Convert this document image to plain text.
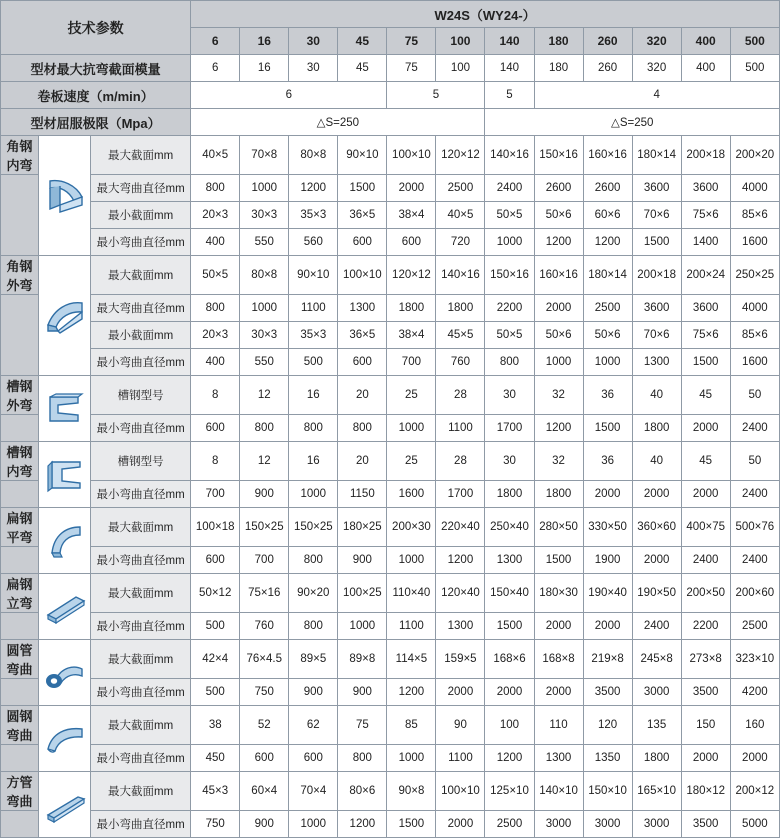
技术参数			W24S（WY24-）											
			6	16	30	45	75	100	140	180	260	320	400	500
型材最大抗弯截面模量			6	16	30	45	75	100	140	180	260	320	400	500
卷板速度（m/min）			6				5		5	4				
型材屈服极限（Mpa）			△S=250						△S=250					
角钢内弯		最大截面mm	40×5	70×8	80×8	90×10	100×10	120×12	140×16	150×16	160×16	180×14	200×18	200×20
		最大弯曲直径mm	800	1000	1200	1500	2000	2500	2400	2600	2600	3600	3600	4000
		最小截面mm	20×3	30×3	35×3	36×5	38×4	40×5	50×5	50×6	60×6	70×6	75×6	85×6
		最小弯曲直径mm	400	550	560	600	600	720	1000	1200	1200	1500	1400	1600
角钢外弯		最大截面mm	50×5	80×8	90×10	100×10	120×12	140×16	150×16	160×16	180×14	200×18	200×24	250×25
		最大弯曲直径mm	800	1000	1100	1300	1800	1800	2200	2000	2500	3600	3600	4000
		最小截面mm	20×3	30×3	35×3	36×5	38×4	45×5	50×5	50×6	50×6	70×6	75×6	85×6
		最小弯曲直径mm	400	550	500	600	700	760	800	1000	1000	1300	1500	1600
槽钢外弯		槽钢型号	8	12	16	20	25	28	30	32	36	40	45	50
		最小弯曲直径mm	600	800	800	800	1000	1100	1700	1200	1500	1800	2000	2400
槽钢内弯		槽钢型号	8	12	16	20	25	28	30	32	36	40	45	50
		最小弯曲直径mm	700	900	1000	1150	1600	1700	1800	1800	2000	2000	2000	2400
扁钢平弯		最大截面mm	100×18	150×25	150×25	180×25	200×30	220×40	250×40	280×50	330×50	360×60	400×75	500×76
		最小弯曲直径mm	600	700	800	900	1000	1200	1300	1500	1900	2000	2400	2400
扁钢立弯		最大截面mm	50×12	75×16	90×20	100×25	110×40	120×40	150×40	180×30	190×40	190×50	200×50	200×60
		最小弯曲直径mm	500	760	800	1000	1100	1300	1500	2000	2000	2400	2200	2500
圆管弯曲		最大截面mm	42×4	76×4.5	89×5	89×8	114×5	159×5	168×6	168×8	219×8	245×8	273×8	323×10
		最小弯曲直径mm	500	750	900	900	1200	2000	2000	2000	3500	3000	3500	4200
圆钢弯曲		最大截面mm	38	52	62	75	85	90	100	110	120	135	150	160
		最小弯曲直径mm	450	600	600	800	1000	1100	1200	1300	1350	1800	2000	2000
方管弯曲		最大截面mm	45×3	60×4	70×4	80×6	90×8	100×10	125×10	140×10	150×10	165×10	180×12	200×12
		最小弯曲直径mm	750	900	1000	1200	1500	2000	2500	3000	3000	3000	3500	5000
